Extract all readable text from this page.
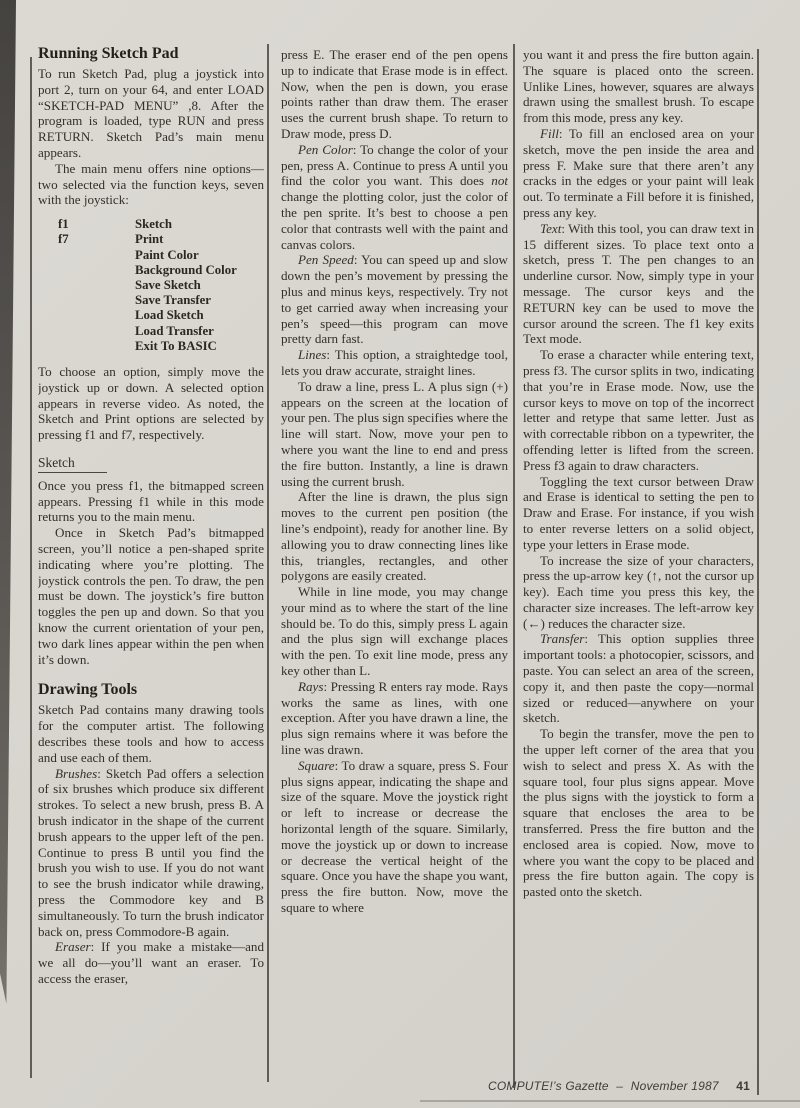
Running Sketch Pad

To run Sketch Pad, plug a joystick into port 2, turn on your 64, and enter LOAD “SKETCH-PAD MENU” ,8. After the program is loaded, type RUN and press RETURN. Sketch Pad’s main menu appears.

The main menu offers nine options—two selected via the function keys, seven with the joystick:

f1	Sketch
f7	Print
Paint Color
Background Color
Save Sketch
Save Transfer
Load Sketch
Load Transfer
Exit To BASIC

To choose an option, simply move the joystick up or down. A selected option appears in reverse video. As noted, the Sketch and Print options are selected by pressing f1 and f7, respectively.

Sketch

Once you press f1, the bitmapped screen appears. Pressing f1 while in this mode returns you to the main menu.

Once in Sketch Pad’s bitmapped screen, you’ll notice a pen-shaped sprite indicating where you’re plotting. The joystick controls the pen. To draw, the pen must be down. The joystick’s fire button toggles the pen up and down. So that you know the current orientation of your pen, two dark lines appear within the pen when it’s down.

Drawing Tools

Sketch Pad contains many drawing tools for the computer artist. The following describes these tools and how to access and use each of them.

Brushes: Sketch Pad offers a selection of six brushes which produce six different strokes. To select a new brush, press B. A brush indicator in the shape of the current brush appears to the upper left of the pen. Continue to press B until you find the brush you wish to use. If you do not want to see the brush indicator while drawing, press the Commodore key and B simultaneously. To turn the brush indicator back on, press Commodore-B again.

Eraser: If you make a mistake—and we all do—you’ll want an eraser. To access the eraser,

press E. The eraser end of the pen opens up to indicate that Erase mode is in effect. Now, when the pen is down, you erase points rather than draw them. The eraser uses the current brush shape. To return to Draw mode, press D.

Pen Color: To change the color of your pen, press A. Continue to press A until you find the color you want. This does not change the plotting color, just the color of the pen sprite. It’s best to choose a pen color that contrasts well with the paint and canvas colors.

Pen Speed: You can speed up and slow down the pen’s movement by pressing the plus and minus keys, respectively. Try not to get carried away when increasing your pen’s speed—this program can move pretty darn fast.

Lines: This option, a straightedge tool, lets you draw accurate, straight lines.

To draw a line, press L. A plus sign (+) appears on the screen at the location of your pen. The plus sign specifies where the line will start. Now, move your pen to where you want the line to end and press the fire button. Instantly, a line is drawn using the current brush.

After the line is drawn, the plus sign moves to the current pen position (the line’s endpoint), ready for another line. By allowing you to draw connecting lines like this, triangles, rectangles, and other polygons are easily created.

While in line mode, you may change your mind as to where the start of the line should be. To do this, simply press L again and the plus sign will exchange places with the pen. To exit line mode, press any key other than L.

Rays: Pressing R enters ray mode. Rays works the same as lines, with one exception. After you have drawn a line, the plus sign remains where it was before the line was drawn.

Square: To draw a square, press S. Four plus signs appear, indicating the shape and size of the square. Move the joystick right or left to increase or decrease the horizontal length of the square. Similarly, move the joystick up or down to increase or decrease the vertical height of the square. Once you have the shape you want, press the fire button. Now, move the square to where

you want it and press the fire button again. The square is placed onto the screen. Unlike Lines, however, squares are always drawn using the smallest brush. To escape from this mode, press any key.

Fill: To fill an enclosed area on your sketch, move the pen inside the area and press F. Make sure that there aren’t any cracks in the edges or your paint will leak out. To terminate a Fill before it is finished, press any key.

Text: With this tool, you can draw text in 15 different sizes. To place text onto a sketch, press T. The pen changes to an underline cursor. Now, simply type in your message. The cursor keys and the RETURN key can be used to move the cursor around the screen. The f1 key exits Text mode.

To erase a character while entering text, press f3. The cursor splits in two, indicating that you’re in Erase mode. Now, use the cursor keys to move on top of the incorrect letter and retype that same letter. Just as with correctable ribbon on a typewriter, the offending letter is lifted from the screen. Press f3 again to draw characters.

Toggling the text cursor between Draw and Erase is identical to setting the pen to Draw and Erase. For instance, if you wish to enter reverse letters on a solid object, type your letters in Erase mode.

To increase the size of your characters, press the up-arrow key (↑, not the cursor up key). Each time you press this key, the character size increases. The left-arrow key (←) reduces the character size.

Transfer: This option supplies three important tools: a photocopier, scissors, and paste. You can select an area of the screen, copy it, and then paste the copy—normal sized or reduced—anywhere on your sketch.

To begin the transfer, move the pen to the upper left corner of the area that you wish to select and press X. As with the square tool, four plus signs appear. Move the plus signs with the joystick to form a square that encloses the area to be transferred. Press the fire button and the enclosed area is copied. Now, move to where you want the copy to be placed and press the fire button again. The copy is pasted onto the sketch.

COMPUTE!’s Gazette – November 1987 41
